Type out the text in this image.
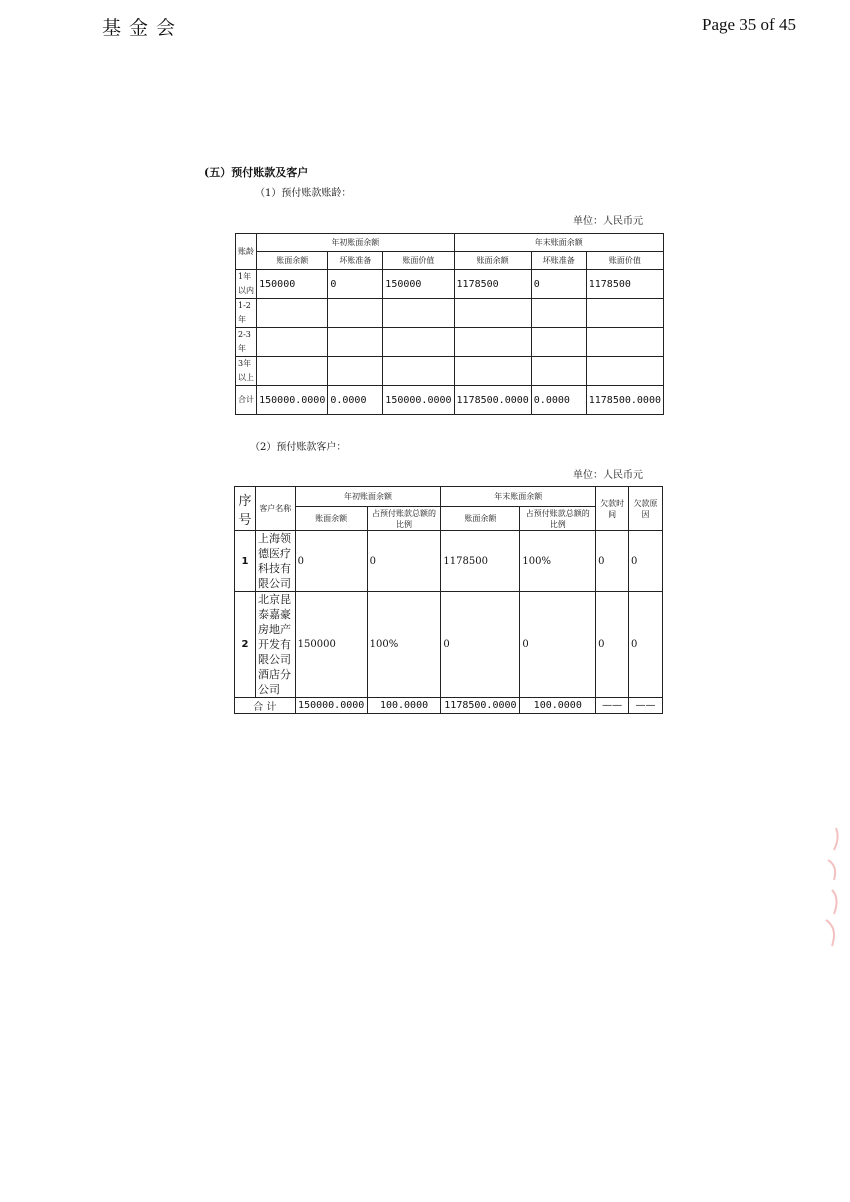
基金会	Page 35 of 45
(五）预付账款及客户
（1）预付账款账龄：
单位：人民币元
账龄	年初账面余额			年末账面余额		
	账面余额	坏账准备	账面价值	账面余额	坏账准备	账面价值
1年以内	150000	0	150000	1178500	0	1178500
1-2年						
2-3年						
3年以上						
合计	150000.0000	0.0000	150000.0000	1178500.0000	0.0000	1178500.0000
（2）预付账款客户：
单位：人民币元
序号	客户名称	年初账面余额		年末账面余额		欠款时间	欠款原因
		账面余额	占预付账款总额的比例	账面余额	占预付账款总额的比例		
1	上海领德医疗科技有限公司	0	0	1178500	100%	0	0
2	北京昆泰嘉豪房地产开发有限公司酒店分公司	150000	100%	0	0	0	0
合 计		150000.0000	100.0000	1178500.0000	100.0000	——	——
